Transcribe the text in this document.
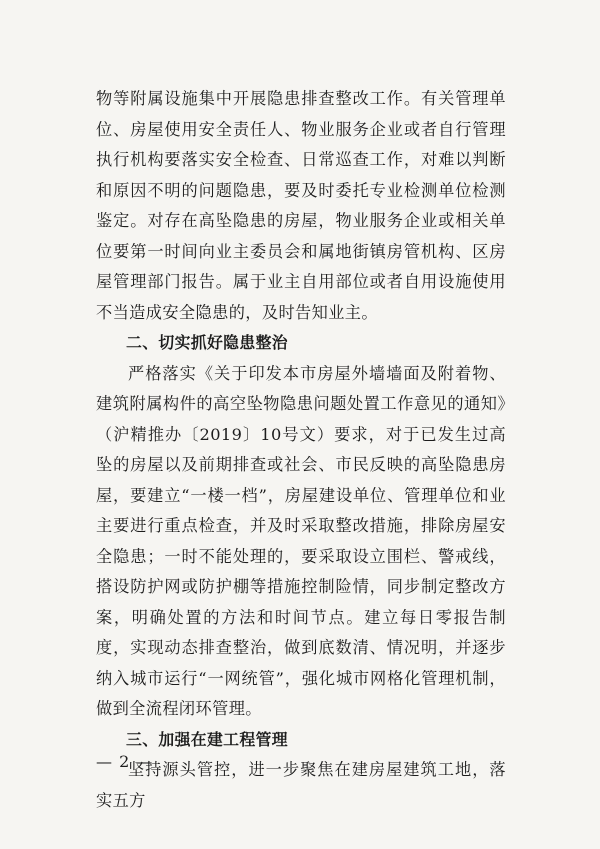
物等附属设施集中开展隐患排查整改工作。有关管理单位、房屋使用安全责任人、物业服务企业或者自行管理执行机构要落实安全检查、日常巡查工作，对难以判断和原因不明的问题隐患，要及时委托专业检测单位检测鉴定。对存在高坠隐患的房屋，物业服务企业或相关单位要第一时间向业主委员会和属地街镇房管机构、区房屋管理部门报告。属于业主自用部位或者自用设施使用不当造成安全隐患的，及时告知业主。

二、切实抓好隐患整治

严格落实《关于印发本市房屋外墙墙面及附着物、建筑附属构件的高空坠物隐患问题处置工作意见的通知》（沪精推办〔2019〕10号文）要求，对于已发生过高坠的房屋以及前期排查或社会、市民反映的高坠隐患房屋，要建立“一楼一档”，房屋建设单位、管理单位和业主要进行重点检查，并及时采取整改措施，排除房屋安全隐患；一时不能处理的，要采取设立围栏、警戒线，搭设防护网或防护棚等措施控制险情，同步制定整改方案，明确处置的方法和时间节点。建立每日零报告制度，实现动态排查整治，做到底数清、情况明，并逐步纳入城市运行“一网统管”，强化城市网格化管理机制，做到全流程闭环管理。

三、加强在建工程管理

坚持源头管控，进一步聚焦在建房屋建筑工地，落实五方

— 2 —
